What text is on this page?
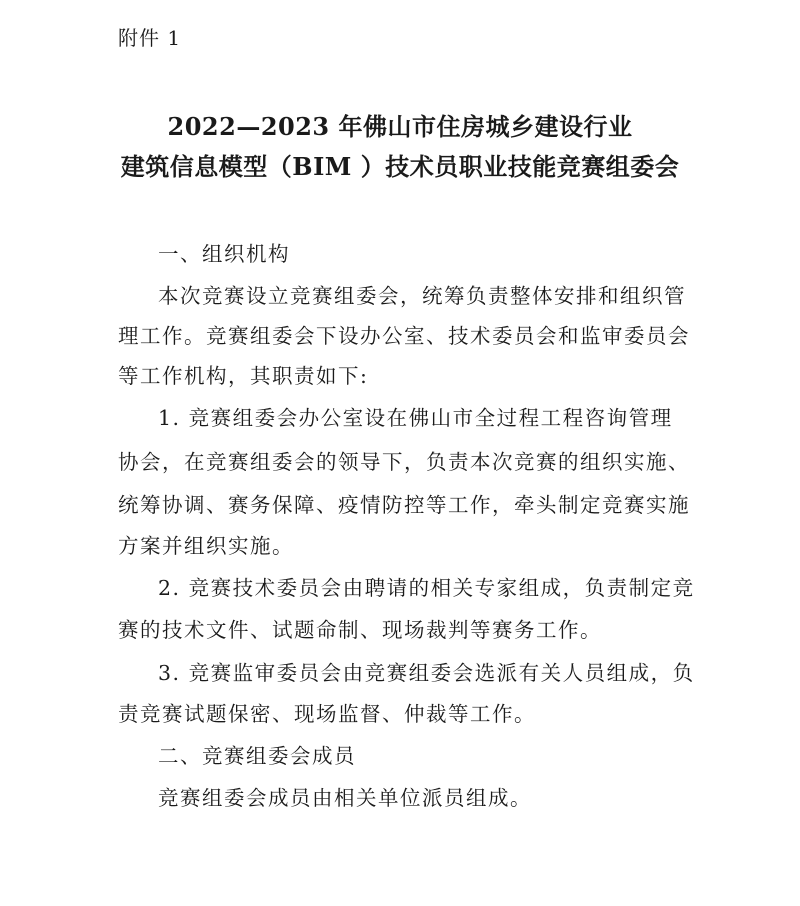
附件 1
2022—2023 年佛山市住房城乡建设行业
建筑信息模型（BIM ）技术员职业技能竞赛组委会
一、组织机构
本次竞赛设立竞赛组委会，统筹负责整体安排和组织管
理工作。竞赛组委会下设办公室、技术委员会和监审委员会
等工作机构，其职责如下:
1. 竞赛组委会办公室设在佛山市全过程工程咨询管理
协会，在竞赛组委会的领导下，负责本次竞赛的组织实施、
统筹协调、赛务保障、疫情防控等工作，牵头制定竞赛实施
方案并组织实施。
2. 竞赛技术委员会由聘请的相关专家组成，负责制定竞
赛的技术文件、试题命制、现场裁判等赛务工作。
3. 竞赛监审委员会由竞赛组委会选派有关人员组成，负
责竞赛试题保密、现场监督、仲裁等工作。
二、竞赛组委会成员
竞赛组委会成员由相关单位派员组成。
